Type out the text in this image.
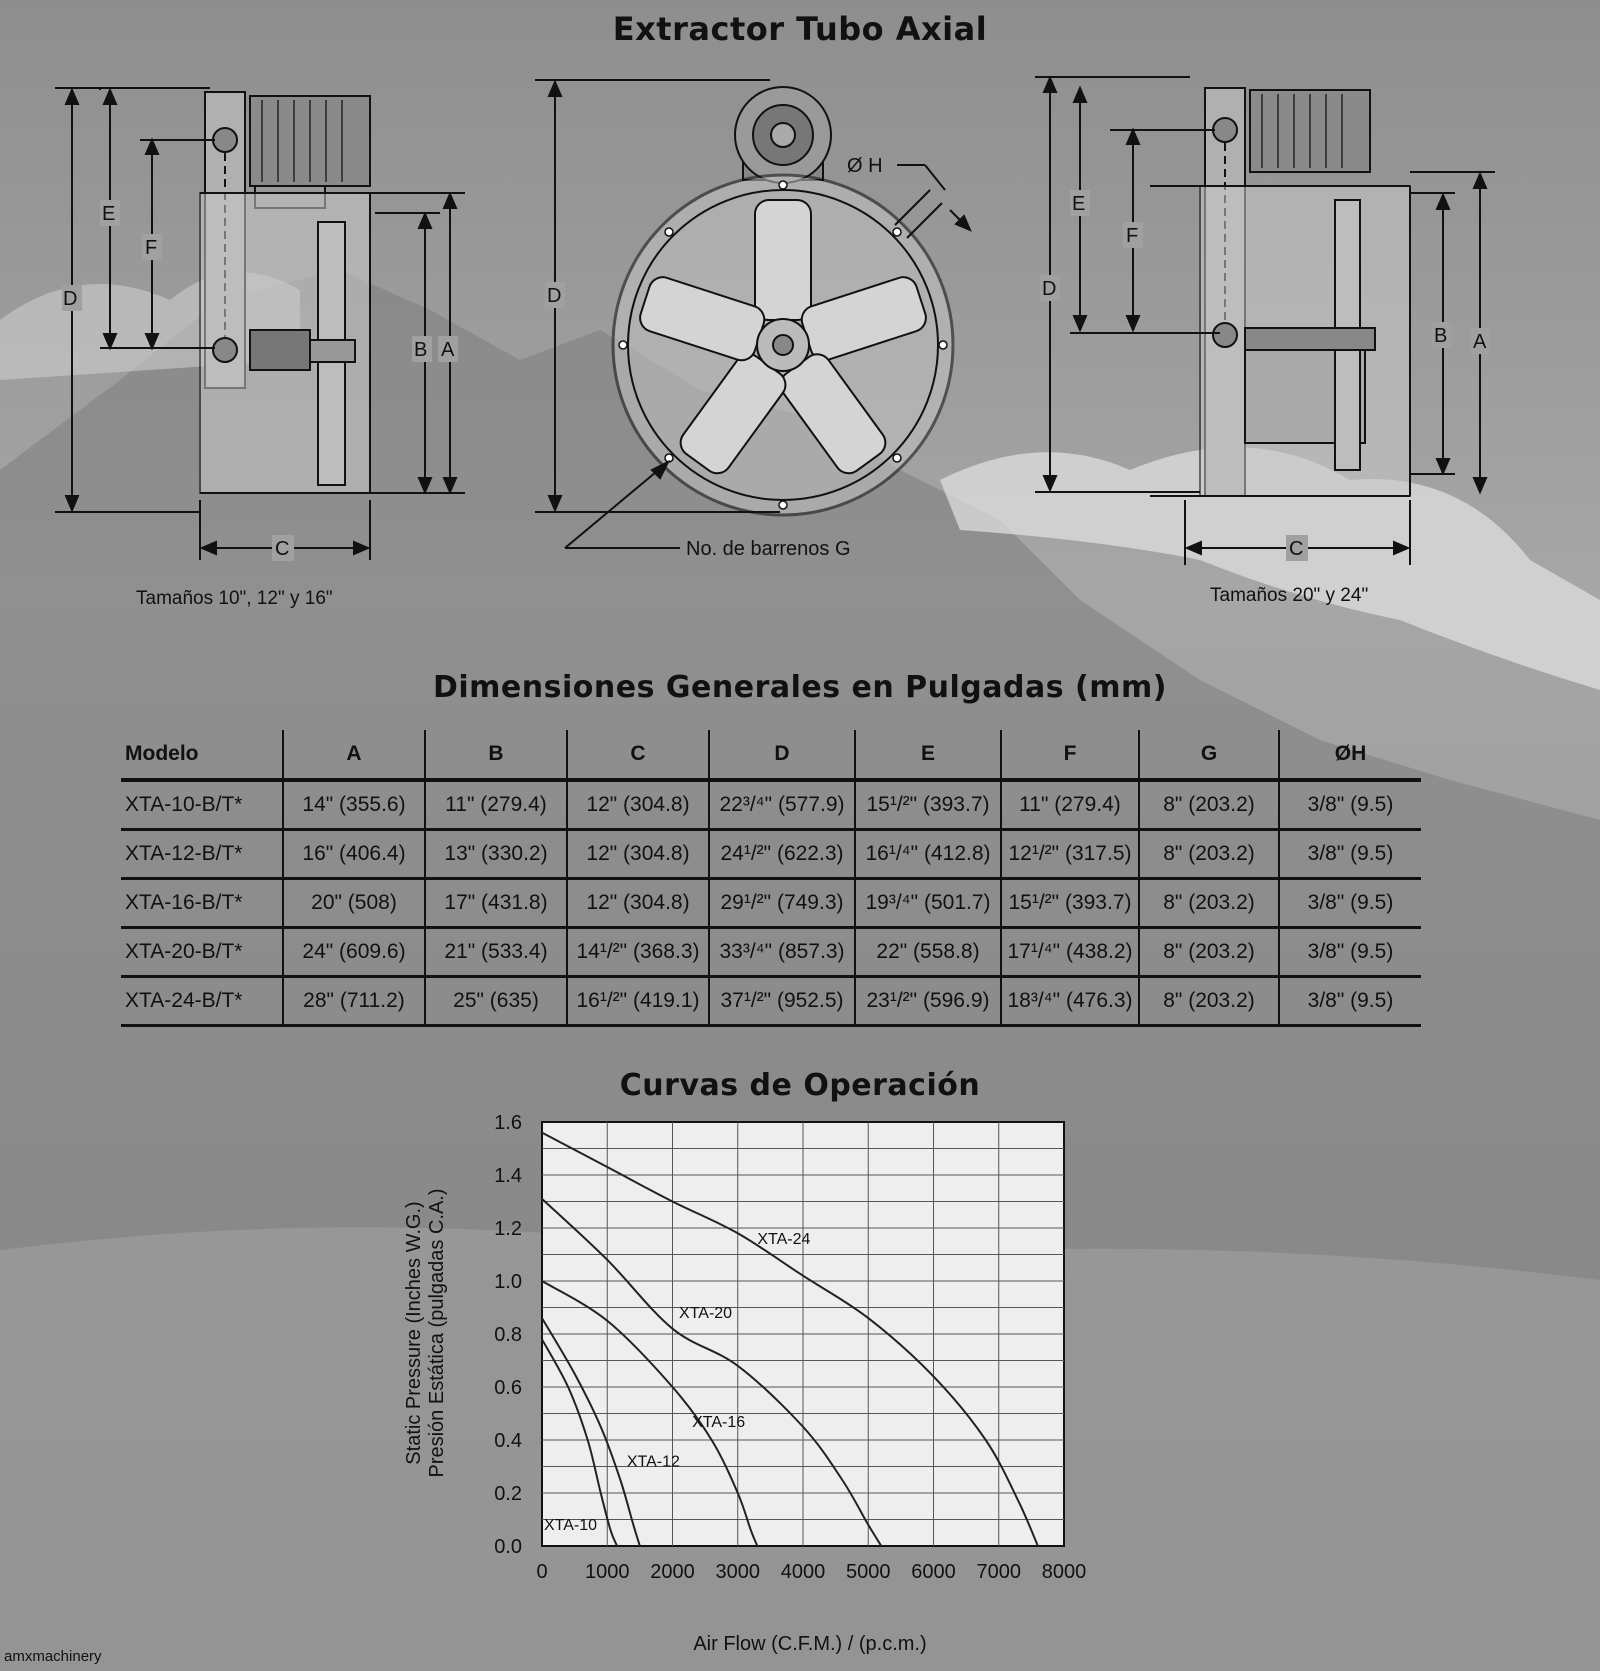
Extractor Tubo Axial
D
E
F
B A
C
Tamaños 10", 12" y 16"
D
Ø H
No. de barrenos G
D
E
F
B A
C
Tamaños 20" y 24"
Dimensiones Generales en Pulgadas (mm)
Modelo	A	B	C	D	E	F	G	ØH
XTA-10-B/T*	14" (355.6)	11" (279.4)	12" (304.8)	22³/⁴" (577.9)	15¹/²" (393.7)	11" (279.4)	8" (203.2)	3/8" (9.5)
XTA-12-B/T*	16" (406.4)	13" (330.2)	12" (304.8)	24¹/²" (622.3)	16¹/⁴" (412.8)	12¹/²" (317.5)	8" (203.2)	3/8" (9.5)
XTA-16-B/T*	20" (508)	17" (431.8)	12" (304.8)	29¹/²" (749.3)	19³/⁴" (501.7)	15¹/²" (393.7)	8" (203.2)	3/8" (9.5)
XTA-20-B/T*	24" (609.6)	21" (533.4)	14¹/²" (368.3)	33³/⁴" (857.3)	22" (558.8)	17¹/⁴" (438.2)	8" (203.2)	3/8" (9.5)
XTA-24-B/T*	28" (711.2)	25" (635)	16¹/²" (419.1)	37¹/²" (952.5)	23¹/²" (596.9)	18³/⁴" (476.3)	8" (203.2)	3/8" (9.5)
Curvas de Operación
0 1000 2000 3000 4000 5000 6000 7000 8000
0.0
0.2
0.4
0.6
0.8
1.0
1.2
1.4
1.6
XTA-10
XTA-12
XTA-16
XTA-20
XTA-24
Air Flow (C.F.M.) / (p.c.m.)
Static Pressure (Inches W.G.) Presión Estática (pulgadas C.A.)
amxmachinery
